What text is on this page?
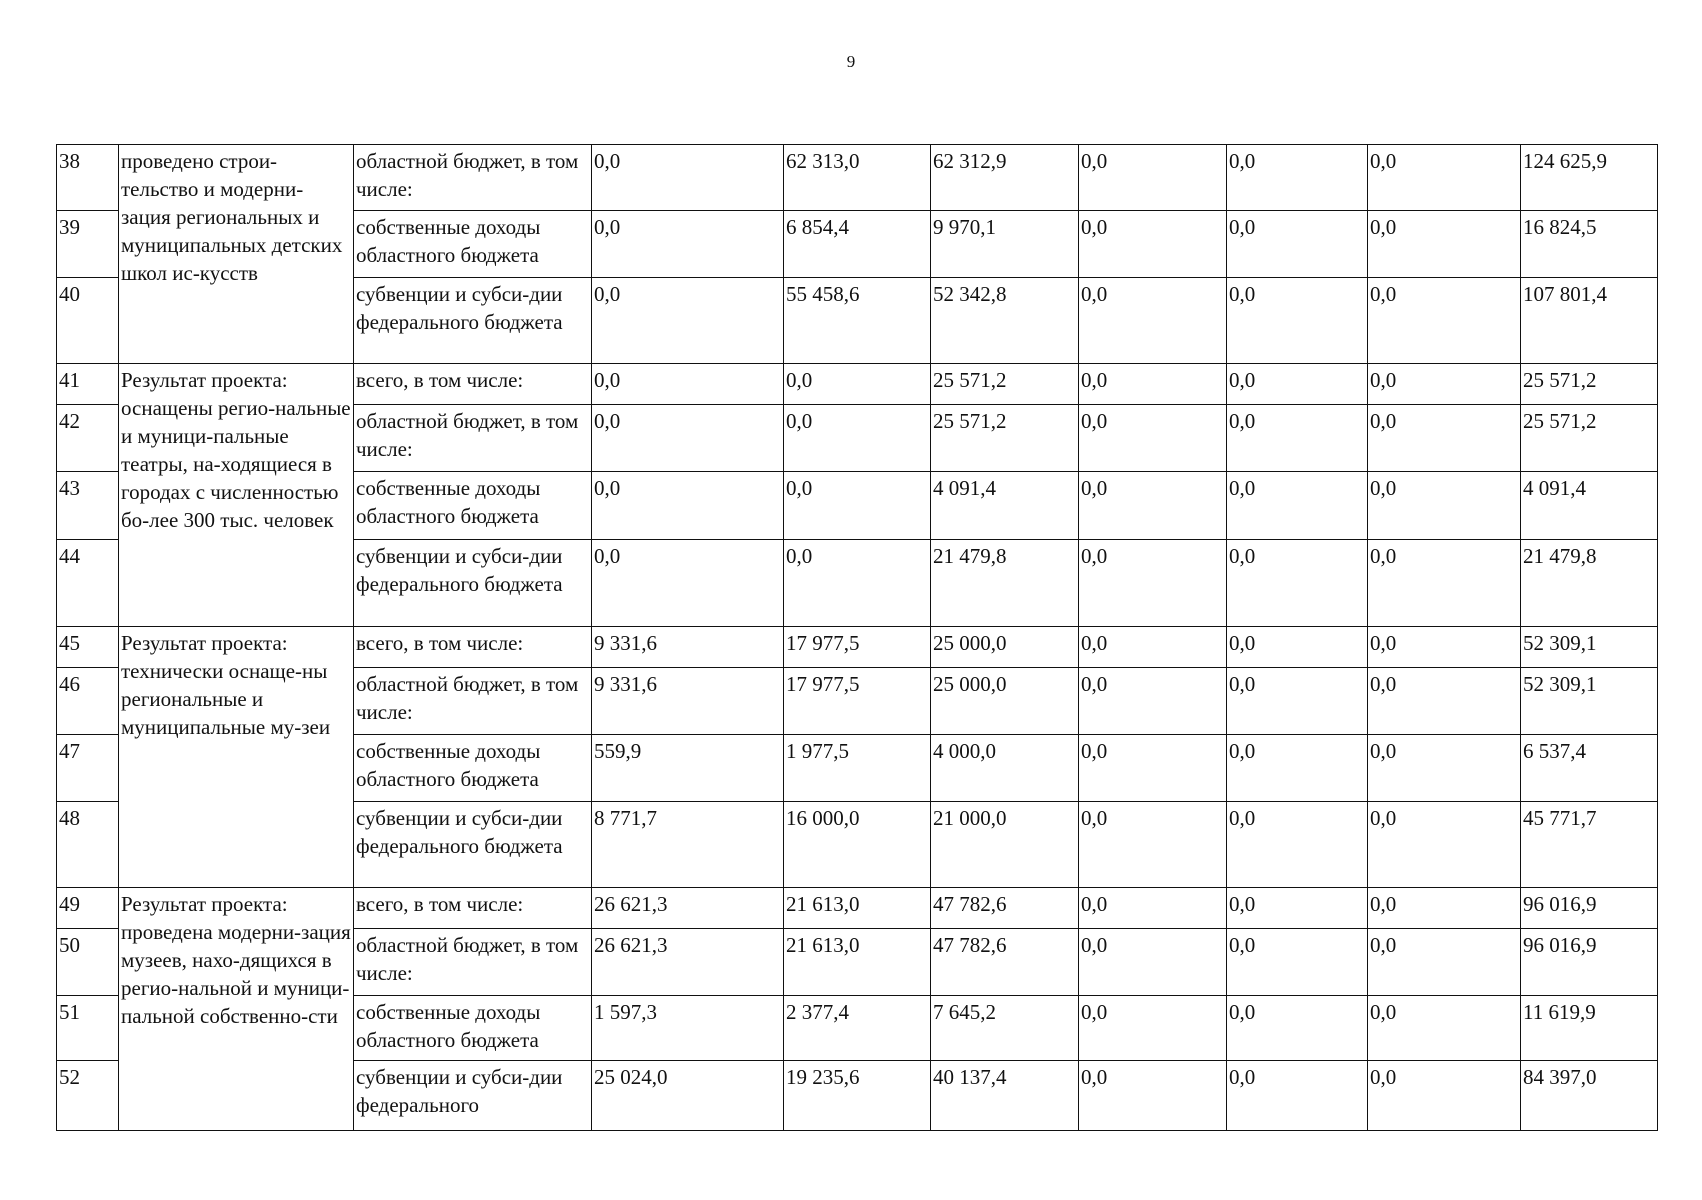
9
38	проведено строи-тельство и модерни-зация региональных и муниципальных детских школ ис-кусств	областной бюджет, в том числе:	0,0	62 313,0	62 312,9	0,0	0,0	0,0	124 625,9
39		собственные доходы областного бюджета	0,0	6 854,4	9 970,1	0,0	0,0	0,0	16 824,5
40		субвенции и субси-дии федерального бюджета	0,0	55 458,6	52 342,8	0,0	0,0	0,0	107 801,4
41	Результат проекта: оснащены регио-нальные и муници-пальные театры, на-ходящиеся в городах с численностью бо-лее 300 тыс. человек	всего, в том числе:	0,0	0,0	25 571,2	0,0	0,0	0,0	25 571,2
42		областной бюджет, в том числе:	0,0	0,0	25 571,2	0,0	0,0	0,0	25 571,2
43		собственные доходы областного бюджета	0,0	0,0	4 091,4	0,0	0,0	0,0	4 091,4
44		субвенции и субси-дии федерального бюджета	0,0	0,0	21 479,8	0,0	0,0	0,0	21 479,8
45	Результат проекта: технически оснаще-ны региональные и муниципальные му-зеи	всего, в том числе:	9 331,6	17 977,5	25 000,0	0,0	0,0	0,0	52 309,1
46		областной бюджет, в том числе:	9 331,6	17 977,5	25 000,0	0,0	0,0	0,0	52 309,1
47		собственные доходы областного бюджета	559,9	1 977,5	4 000,0	0,0	0,0	0,0	6 537,4
48		субвенции и субси-дии федерального бюджета	8 771,7	16 000,0	21 000,0	0,0	0,0	0,0	45 771,7
49	Результат проекта: проведена модерни-зация музеев, нахо-дящихся в регио-нальной и муници-пальной собственно-сти	всего, в том числе:	26 621,3	21 613,0	47 782,6	0,0	0,0	0,0	96 016,9
50		областной бюджет, в том числе:	26 621,3	21 613,0	47 782,6	0,0	0,0	0,0	96 016,9
51		собственные доходы областного бюджета	1 597,3	2 377,4	7 645,2	0,0	0,0	0,0	11 619,9
52		субвенции и субси-дии федерального	25 024,0	19 235,6	40 137,4	0,0	0,0	0,0	84 397,0
